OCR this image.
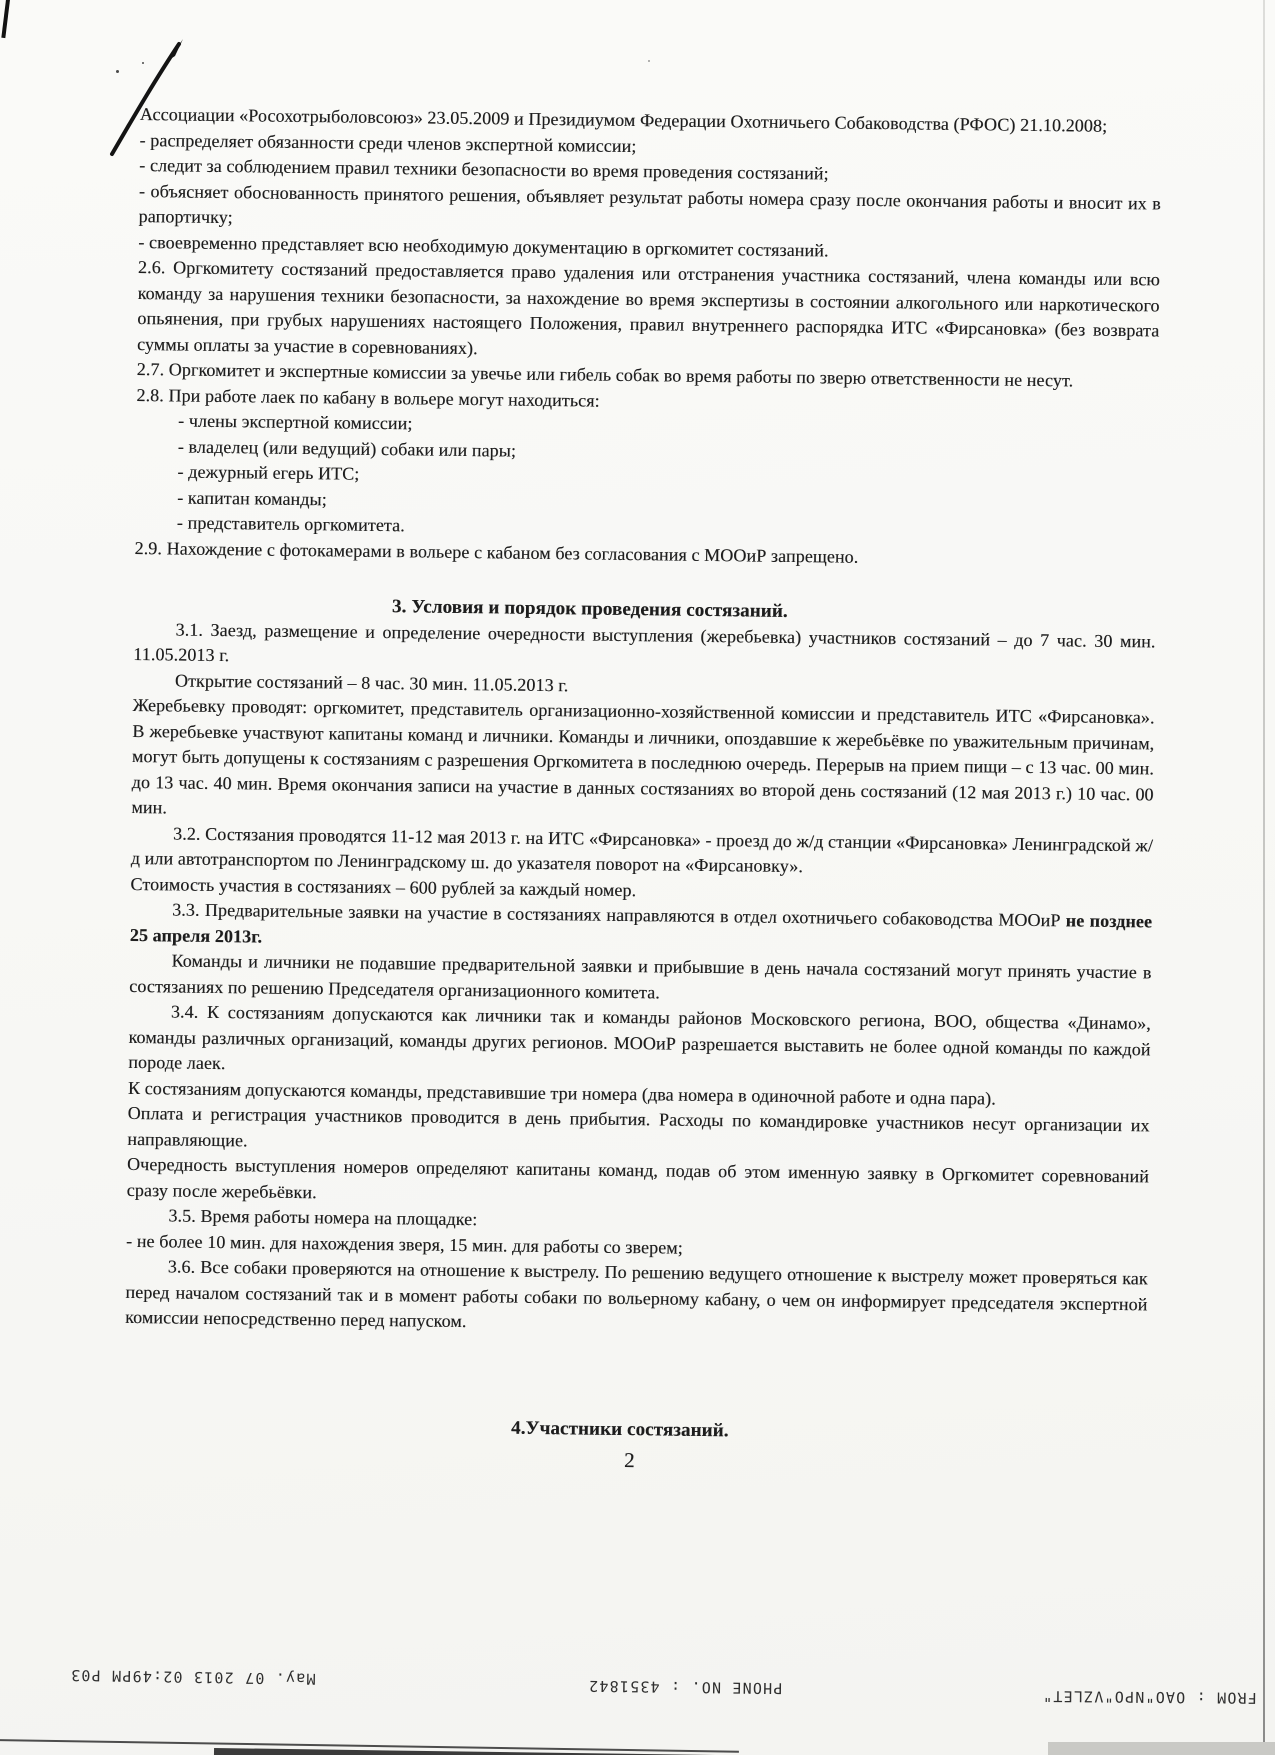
Ассоциации «Росохотрыболовсоюз» 23.05.2009 и Президиумом Федерации Охотничьего Собаководства (РФОС) 21.10.2008;

- распределяет обязанности среди членов экспертной комиссии;

- следит за соблюдением правил техники безопасности во время проведения состязаний;

- объясняет обоснованность принятого решения, объявляет результат работы номера сразу после окончания работы и вносит их в рапортичку;

- своевременно представляет всю необходимую документацию в оргкомитет состязаний.

2.6. Оргкомитету состязаний предоставляется право удаления или отстранения участника состязаний, члена команды или всю команду за нарушения техники безопасности, за нахождение во время экспертизы в состоянии алкогольного или наркотического опьянения, при грубых нарушениях настоящего Положения, правил внутреннего распорядка ИТС «Фирсановка» (без возврата суммы оплаты за участие в соревнованиях).

2.7. Оргкомитет и экспертные комиссии за увечье или гибель собак во время работы по зверю ответственности не несут.

2.8. При работе лаек по кабану в вольере могут находиться:

- члены экспертной комиссии;

- владелец (или ведущий) собаки или пары;

- дежурный егерь ИТС;

- капитан команды;

- представитель оргкомитета.

2.9. Нахождение с фотокамерами в вольере с кабаном без согласования с МООиР запрещено.

3. Условия и порядок проведения состязаний.

3.1. Заезд, размещение и определение очередности выступления (жеребьевка) участников состязаний – до 7 час. 30 мин. 11.05.2013 г.

Открытие состязаний – 8 час. 30 мин. 11.05.2013 г.

Жеребьевку проводят: оргкомитет, представитель организационно-хозяйственной комиссии и представитель ИТС «Фирсановка». В жеребьевке участвуют капитаны команд и личники. Команды и личники, опоздавшие к жеребьёвке по уважительным причинам, могут быть допущены к состязаниям с разрешения Оргкомитета в последнюю очередь. Перерыв на прием пищи – с 13 час. 00 мин. до 13 час. 40 мин. Время окончания записи на участие в данных состязаниях во второй день состязаний (12 мая 2013 г.) 10 час. 00 мин.

3.2. Состязания проводятся 11-12 мая 2013 г. на ИТС «Фирсановка» - проезд до ж/д станции «Фирсановка» Ленинградской ж/д или автотранспортом по Ленинградскому ш. до указателя поворот на «Фирсановку».

Стоимость участия в состязаниях – 600 рублей за каждый номер.

3.3. Предварительные заявки на участие в состязаниях направляются в отдел охотничьего собаководства МООиР не позднее 25 апреля 2013г.

Команды и личники не подавшие предварительной заявки и прибывшие в день начала состязаний могут принять участие в состязаниях по решению Председателя организационного комитета.

3.4. К состязаниям допускаются как личники так и команды районов Московского региона, ВОО, общества «Динамо», команды различных организаций, команды других регионов. МООиР разрешается выставить не более одной команды по каждой породе лаек.

К состязаниям допускаются команды, представившие три номера (два номера в одиночной работе и одна пара).

Оплата и регистрация участников проводится в день прибытия. Расходы по командировке участников несут организации их направляющие.

Очередность выступления номеров определяют капитаны команд, подав об этом именную заявку в Оргкомитет соревнований сразу после жеребьёвки.

3.5. Время работы номера на площадке:

- не более 10 мин. для нахождения зверя, 15 мин. для работы со зверем;

3.6. Все собаки проверяются на отношение к выстрелу. По решению ведущего отношение к выстрелу может проверяться как перед началом состязаний так и в момент работы собаки по вольерному кабану, о чем он информирует председателя экспертной комиссии непосредственно перед напуском.

4.Участники состязаний.

2
May. 07 2013 02:49PM P03	PHONE NO. : 4351842	FROM : OAO"NPO"VZLET"
